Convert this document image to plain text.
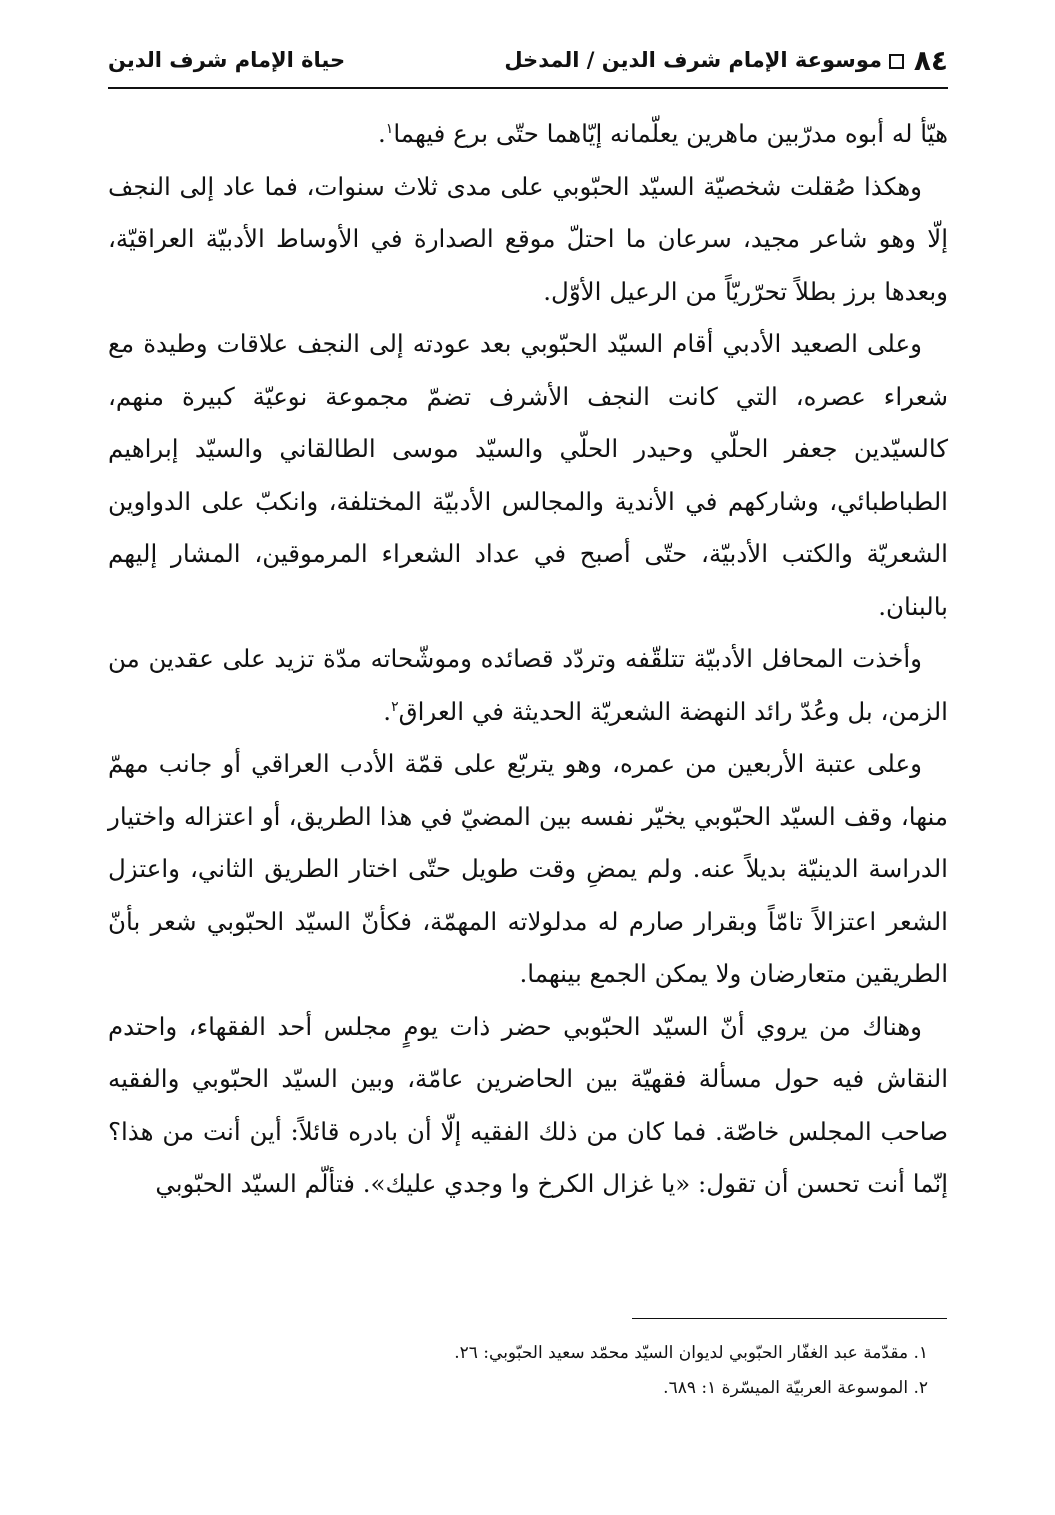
٨٤
موسوعة الإمام شرف الدين / المدخل
حياة الإمام شرف الدين

هيّأ له أبوه مدرّبين ماهرين يعلّمانه إيّاهما حتّى برع فيهما$^١$.

وهكذا صُقلت شخصيّة السيّد الحبّوبي على مدى ثلاث سنوات، فما عاد إلى النجف إلّا وهو شاعر مجيد، سرعان ما احتلّ موقع الصدارة في الأوساط الأدبيّة العراقيّة، وبعدها برز بطلاً تحرّريّاً من الرعيل الأوّل.

وعلى الصعيد الأدبي أقام السيّد الحبّوبي بعد عودته إلى النجف علاقات وطيدة مع شعراء عصره، التي كانت النجف الأشرف تضمّ مجموعة نوعيّة كبيرة منهم، كالسيّدين جعفر الحلّي وحيدر الحلّي والسيّد موسى الطالقاني والسيّد إبراهيم الطباطبائي، وشاركهم في الأندية والمجالس الأدبيّة المختلفة، وانكبّ على الدواوين الشعريّة والكتب الأدبيّة، حتّى أصبح في عداد الشعراء المرموقين، المشار إليهم بالبنان.

وأخذت المحافل الأدبيّة تتلقّفه وتردّد قصائده وموشّحاته مدّة تزيد على عقدين من الزمن، بل وعُدّ رائد النهضة الشعريّة الحديثة في العراق$^٢$.

وعلى عتبة الأربعين من عمره، وهو يتربّع على قمّة الأدب العراقي أو جانب مهمّ منها، وقف السيّد الحبّوبي يخيّر نفسه بين المضيّ في هذا الطريق، أو اعتزاله واختيار الدراسة الدينيّة بديلاً عنه. ولم يمضِ وقت طويل حتّى اختار الطريق الثاني، واعتزل الشعر اعتزالاً تامّاً وبقرار صارم له مدلولاته المهمّة، فكأنّ السيّد الحبّوبي شعر بأنّ الطريقين متعارضان ولا يمكن الجمع بينهما.

وهناك من يروي أنّ السيّد الحبّوبي حضر ذات يومٍ مجلس أحد الفقهاء، واحتدم النقاش فيه حول مسألة فقهيّة بين الحاضرين عامّة، وبين السيّد الحبّوبي والفقيه صاحب المجلس خاصّة. فما كان من ذلك الفقيه إلّا أن بادره قائلاً: أين أنت من هذا؟ إنّما أنت تحسن أن تقول: «يا غزال الكرخ وا وجدي عليك». فتألّم السيّد الحبّوبي

١. مقدّمة عبد الغفّار الحبّوبي لديوان السيّد محمّد سعيد الحبّوبي: ٢٦.
٢. الموسوعة العربيّة الميسّرة ١: ٦٨٩.
